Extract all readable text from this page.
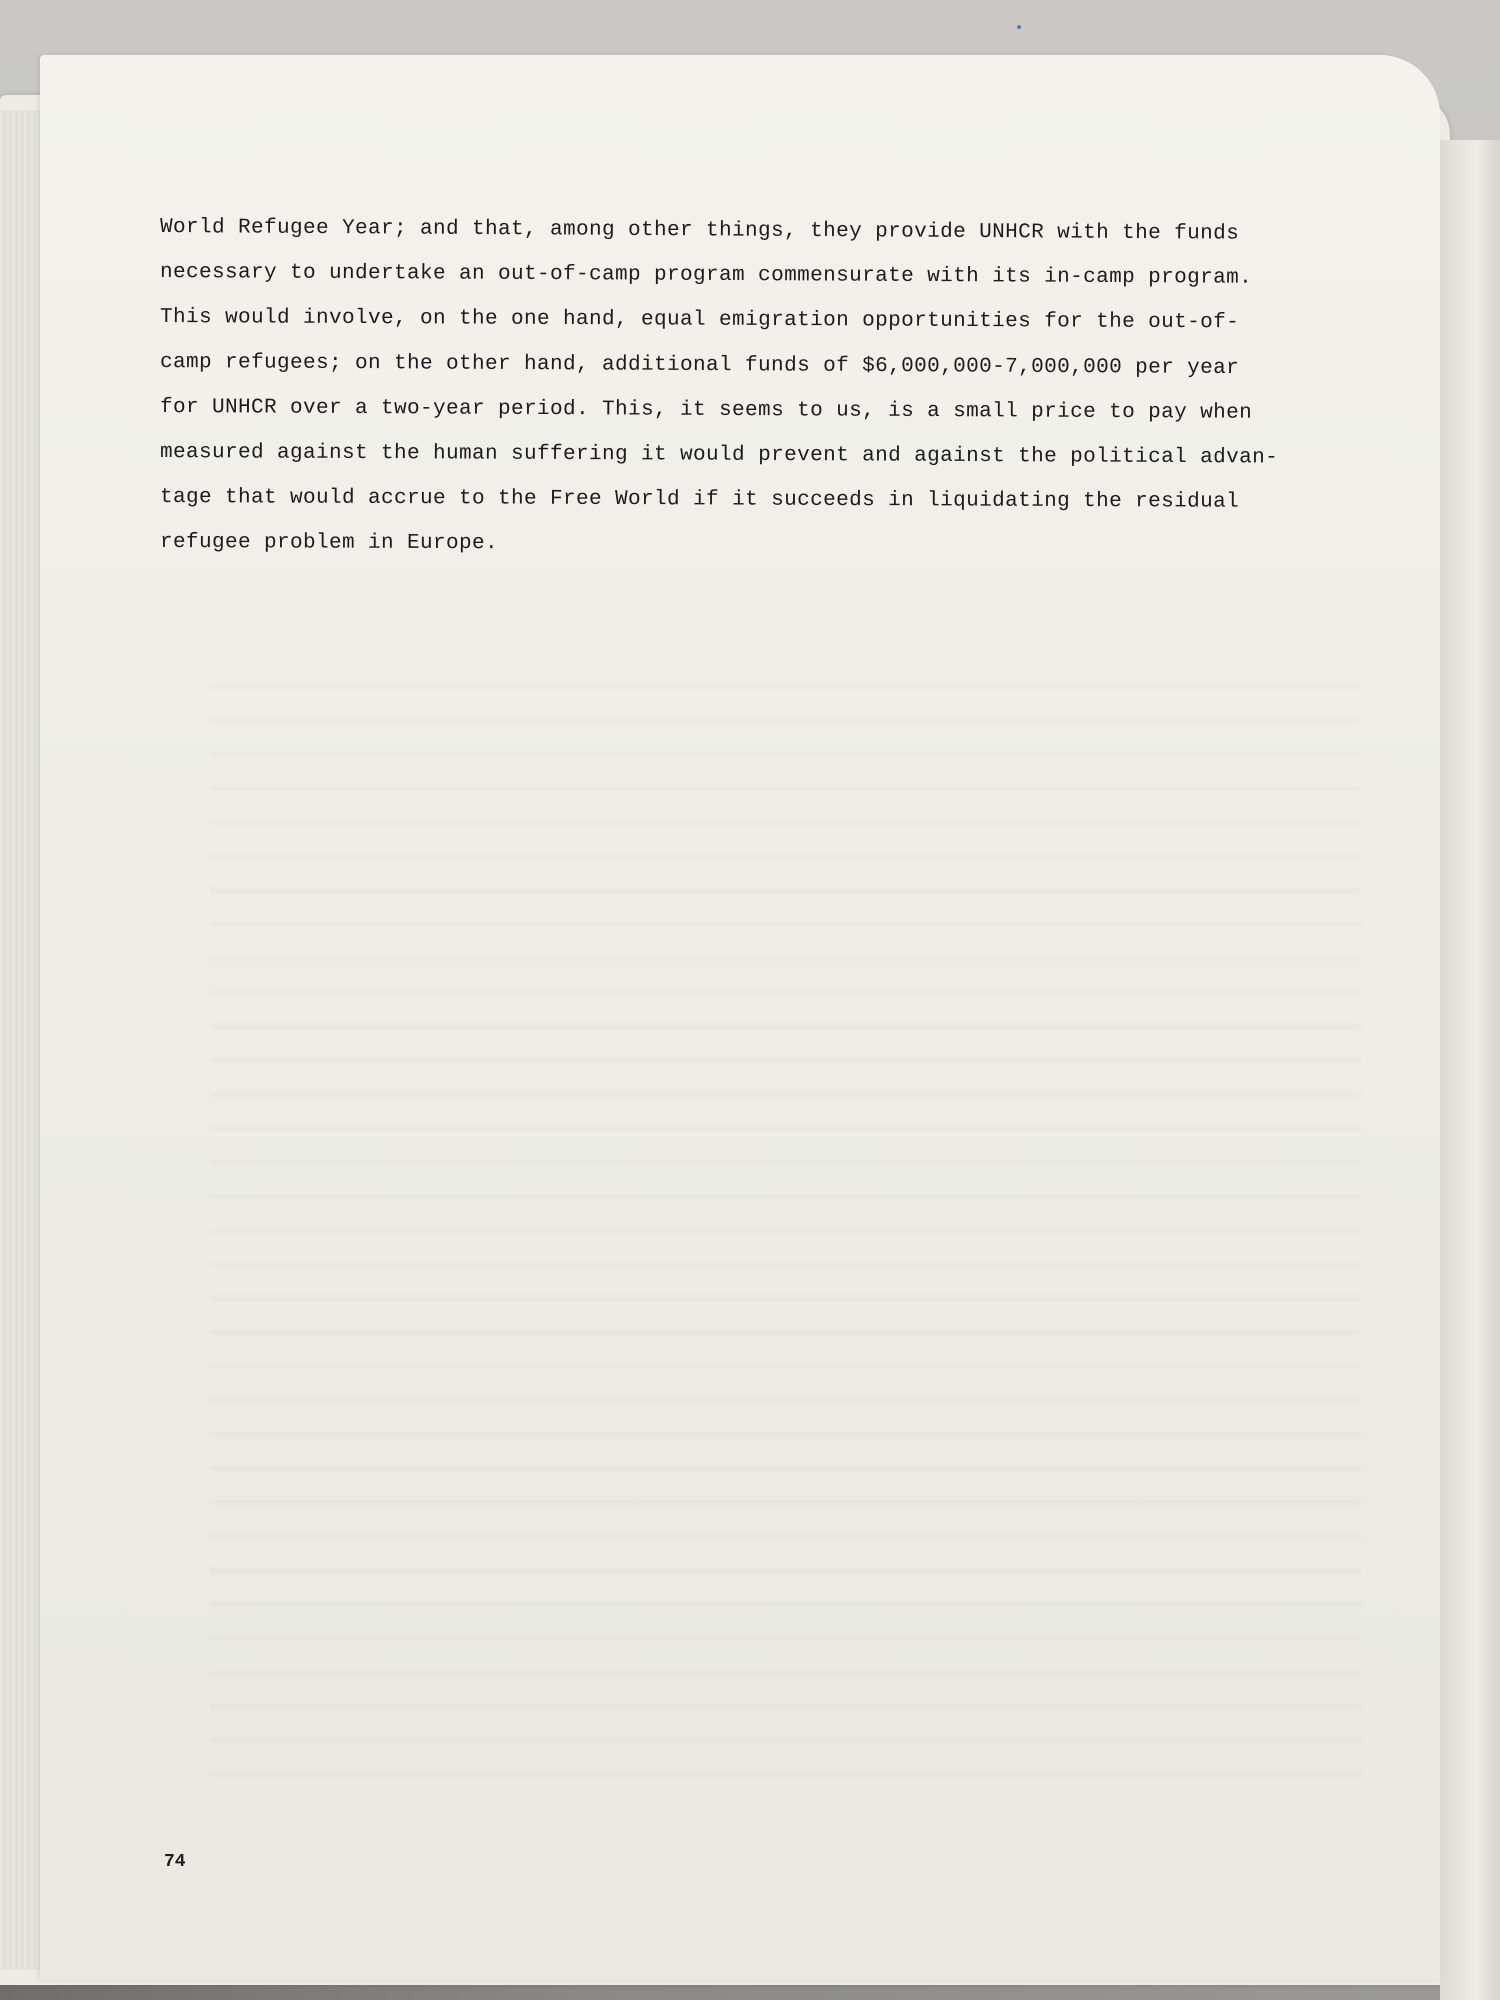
World Refugee Year; and that, among other things, they provide UNHCR with the funds
necessary to undertake an out-of-camp program commensurate with its in-camp program.
This would involve, on the one hand, equal emigration opportunities for the out-of-
camp refugees; on the other hand, additional funds of $6,000,000-7,000,000 per year
for UNHCR over a two-year period. This, it seems to us, is a small price to pay when
measured against the human suffering it would prevent and against the political advan-
tage that would accrue to the Free World if it succeeds in liquidating the residual
refugee problem in Europe.
74
